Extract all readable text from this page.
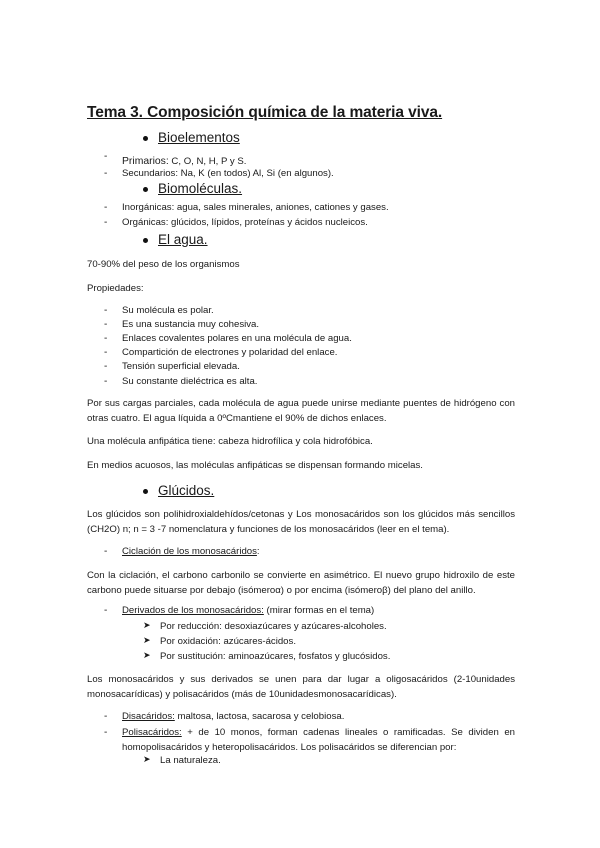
Tema 3. Composición química de la materia viva.
Bioelementos
- Primarios: C, O, N, H, P y S.
- Secundarios: Na, K (en todos) Al, Si (en algunos).
Biomoléculas.
- Inorgánicas: agua, sales minerales, aniones, cationes y gases.
- Orgánicas: glúcidos, lípidos, proteínas y ácidos nucleicos.
El agua.
70-90% del peso de los organismos
Propiedades:
- Su molécula es polar.
- Es una sustancia muy cohesiva.
- Enlaces covalentes polares en una molécula de agua.
- Compartición de electrones y polaridad del enlace.
- Tensión superficial elevada.
- Su constante dieléctrica es alta.
Por sus cargas parciales, cada molécula de agua puede unirse mediante puentes de hidrógeno con otras cuatro. El agua líquida a 0ºCmantiene el 90% de dichos enlaces.
Una molécula anfipática tiene: cabeza hidrofílica y cola hidrofóbica.
En medios acuosos, las moléculas anfipáticas se dispensan formando micelas.
Glúcidos.
Los glúcidos son polihidroxialdehídos/cetonas y Los monosacáridos son los glúcidos más sencillos (CH2O) n; n = 3 -7 nomenclatura y funciones de los monosacáridos (leer en el tema).
- Ciclación de los monosacáridos:
Con la ciclación, el carbono carbonilo se convierte en asimétrico. El nuevo grupo hidroxilo de este carbono puede situarse por debajo (isómeroα) o por encima (isómeroβ) del plano del anillo.
- Derivados de los monosacáridos: (mirar formas en el tema)
➤ Por reducción: desoxiazúcares y azúcares-alcoholes.
➤ Por oxidación: azúcares-ácidos.
➤ Por sustitución: aminoazúcares, fosfatos y glucósidos.
Los monosacáridos y sus derivados se unen para dar lugar a oligosacáridos (2-10unidades monosacarídicas) y polisacáridos (más de 10unidadesmonosacarídicas).
- Disacáridos: maltosa, lactosa, sacarosa y celobiosa.
- Polisacáridos: + de 10 monos, forman cadenas lineales o ramificadas. Se dividen en homopolisacáridos y heteropolisacáridos. Los polisacáridos se diferencian por:
➤ La naturaleza.
